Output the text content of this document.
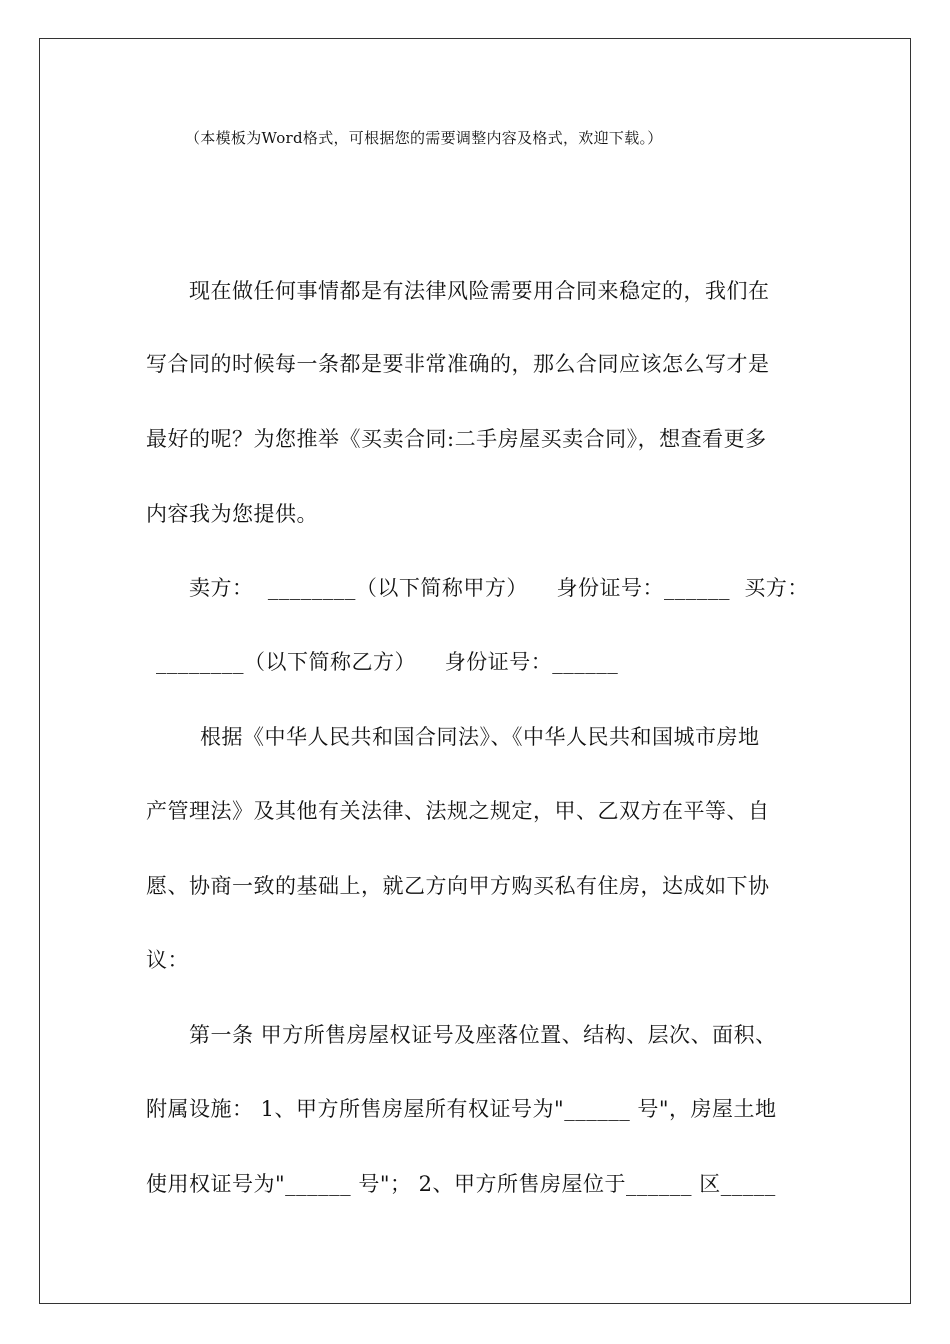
（本模板为Word格式，可根据您的需要调整内容及格式，欢迎下载。）
现在做任何事情都是有法律风险需要用合同来稳定的，我们在
写合同的时候每一条都是要非常准确的，那么合同应该怎么写才是
最好的呢？为您推举《买卖合同:二手房屋买卖合同》，想查看更多
内容我为您提供。
卖方：  ________（以下简称甲方）    身份证号：______  买方：
________（以下简称乙方）    身份证号：______
根据《中华人民共和国合同法》、《中华人民共和国城市房地
产管理法》及其他有关法律、法规之规定，甲、乙双方在平等、自
愿、协商一致的基础上，就乙方向甲方购买私有住房，达成如下协
议：
第一条 甲方所售房屋权证号及座落位置、结构、层次、面积、
附属设施： 1、甲方所售房屋所有权证号为"______ 号"，房屋土地
使用权证号为"______ 号"； 2、甲方所售房屋位于______ 区_____
